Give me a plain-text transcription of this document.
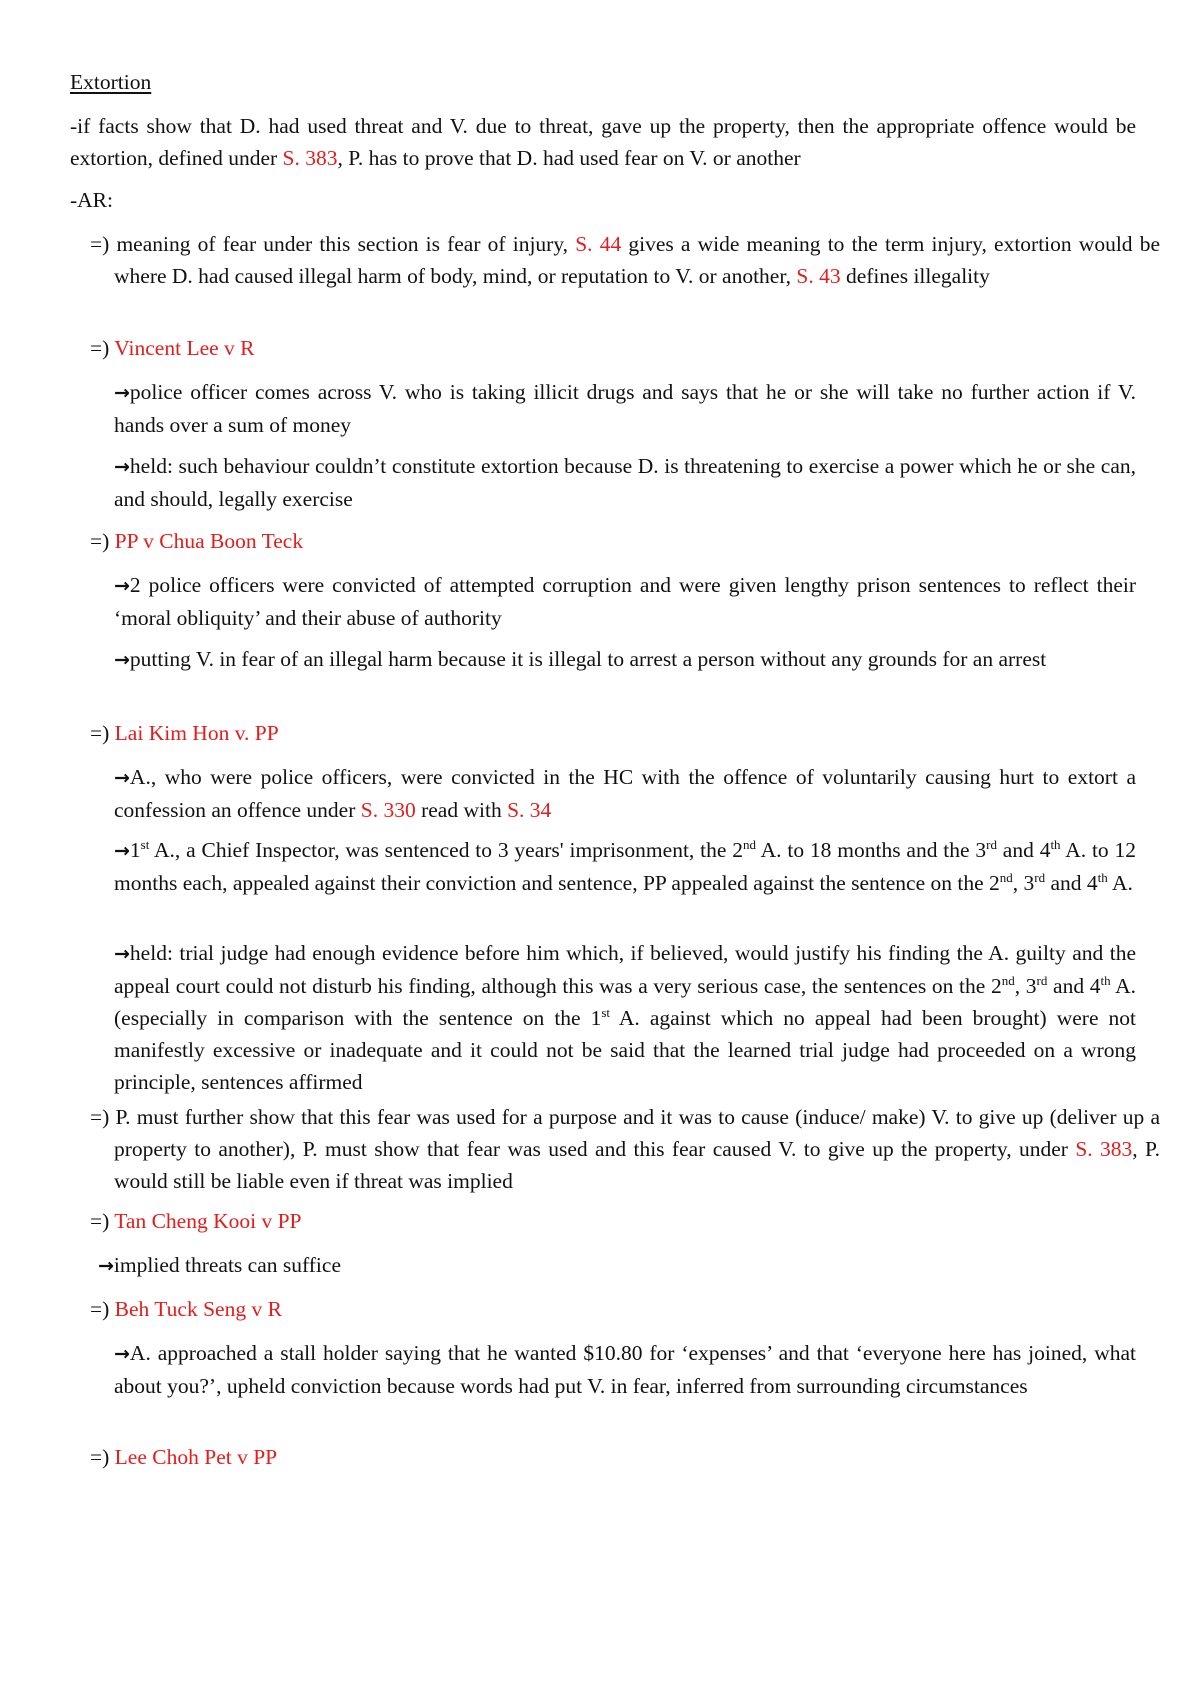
Extortion
-if facts show that D. had used threat and V. due to threat, gave up the property, then the appropriate offence would be extortion, defined under S. 383, P. has to prove that D. had used fear on V. or another
-AR:
=) meaning of fear under this section is fear of injury, S. 44 gives a wide meaning to the term injury, extortion would be where D. had caused illegal harm of body, mind, or reputation to V. or another, S. 43 defines illegality
=) Vincent Lee v R
→police officer comes across V. who is taking illicit drugs and says that he or she will take no further action if V. hands over a sum of money
→held: such behaviour couldn’t constitute extortion because D. is threatening to exercise a power which he or she can, and should, legally exercise
=) PP v Chua Boon Teck
→2 police officers were convicted of attempted corruption and were given lengthy prison sentences to reflect their ‘moral obliquity’ and their abuse of authority
→putting V. in fear of an illegal harm because it is illegal to arrest a person without any grounds for an arrest
=) Lai Kim Hon v. PP
→A., who were police officers, were convicted in the HC with the offence of voluntarily causing hurt to extort a confession an offence under S. 330 read with S. 34
→1st A., a Chief Inspector, was sentenced to 3 years' imprisonment, the 2nd A. to 18 months and the 3rd and 4th A. to 12 months each, appealed against their conviction and sentence, PP appealed against the sentence on the 2nd, 3rd and 4th A.
→held: trial judge had enough evidence before him which, if believed, would justify his finding the A. guilty and the appeal court could not disturb his finding, although this was a very serious case, the sentences on the 2nd, 3rd and 4th A. (especially in comparison with the sentence on the 1st A. against which no appeal had been brought) were not manifestly excessive or inadequate and it could not be said that the learned trial judge had proceeded on a wrong principle, sentences affirmed
=) P. must further show that this fear was used for a purpose and it was to cause (induce/ make) V. to give up (deliver up a property to another), P. must show that fear was used and this fear caused V. to give up the property, under S. 383, P. would still be liable even if threat was implied
=) Tan Cheng Kooi v PP
→implied threats can suffice
=) Beh Tuck Seng v R
→A. approached a stall holder saying that he wanted $10.80 for ‘expenses’ and that ‘everyone here has joined, what about you?’, upheld conviction because words had put V. in fear, inferred from surrounding circumstances
=) Lee Choh Pet v PP
